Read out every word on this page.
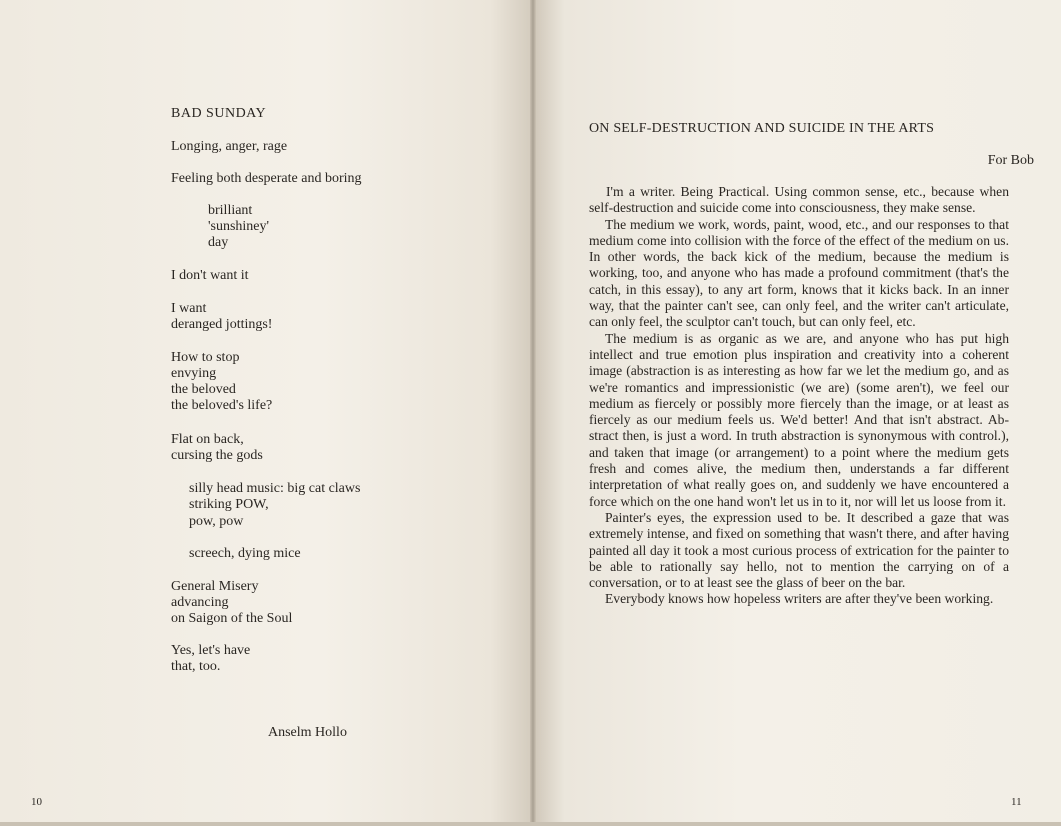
BAD SUNDAY
Longing, anger, rage
Feeling both desperate and boring
brilliant
'sunshiney'
day
I don't want it
I want
deranged jottings!
How to stop
envying
the beloved
the beloved's life?
Flat on back,
cursing the gods
silly head music: big cat claws
striking POW,
pow, pow
screech, dying mice
General Misery
advancing
on Saigon of the Soul
Yes, let's have
that, too.
Anselm Hollo
10
ON SELF-DESTRUCTION AND SUICIDE IN THE ARTS
For Bob

I'm a writer. Being Practical. Using common sense, etc., because when self-destruction and suicide come into consciousness, they make sense.

The medium we work, words, paint, wood, etc., and our responses to that medium come into collision with the force of the effect of the medium on us. In other words, the back kick of the medium, because the medium is working, too, and anyone who has made a profound commitment (that's the catch, in this essay), to any art form, knows that it kicks back. In an inner way, that the painter can't see, can only feel, and the writer can't articulate, can only feel, the sculptor can't touch, but can only feel, etc.

The medium is as organic as we are, and anyone who has put high intellect and true emotion plus inspiration and creativity into a coherent image (abstraction is as interesting as how far we let the medium go, and as we're romantics and impressionistic (we are) (some aren't), we feel our medium as fiercely or possibly more fiercely than the image, or at least as fiercely as our medium feels us. We'd better! And that isn't abstract. Ab-stract then, is just a word. In truth abstraction is synonymous with control.), and taken that image (or arrangement) to a point where the medium gets fresh and comes alive, the medium then, understands a far different interpretation of what really goes on, and suddenly we have encountered a force which on the one hand won't let us in to it, nor will let us loose from it.

Painter's eyes, the expression used to be. It described a gaze that was extremely intense, and fixed on something that wasn't there, and after having painted all day it took a most curious process of extrication for the painter to be able to rationally say hello, not to mention the carrying on of a conversation, or to at least see the glass of beer on the bar.

Everybody knows how hopeless writers are after they've been working.

11
